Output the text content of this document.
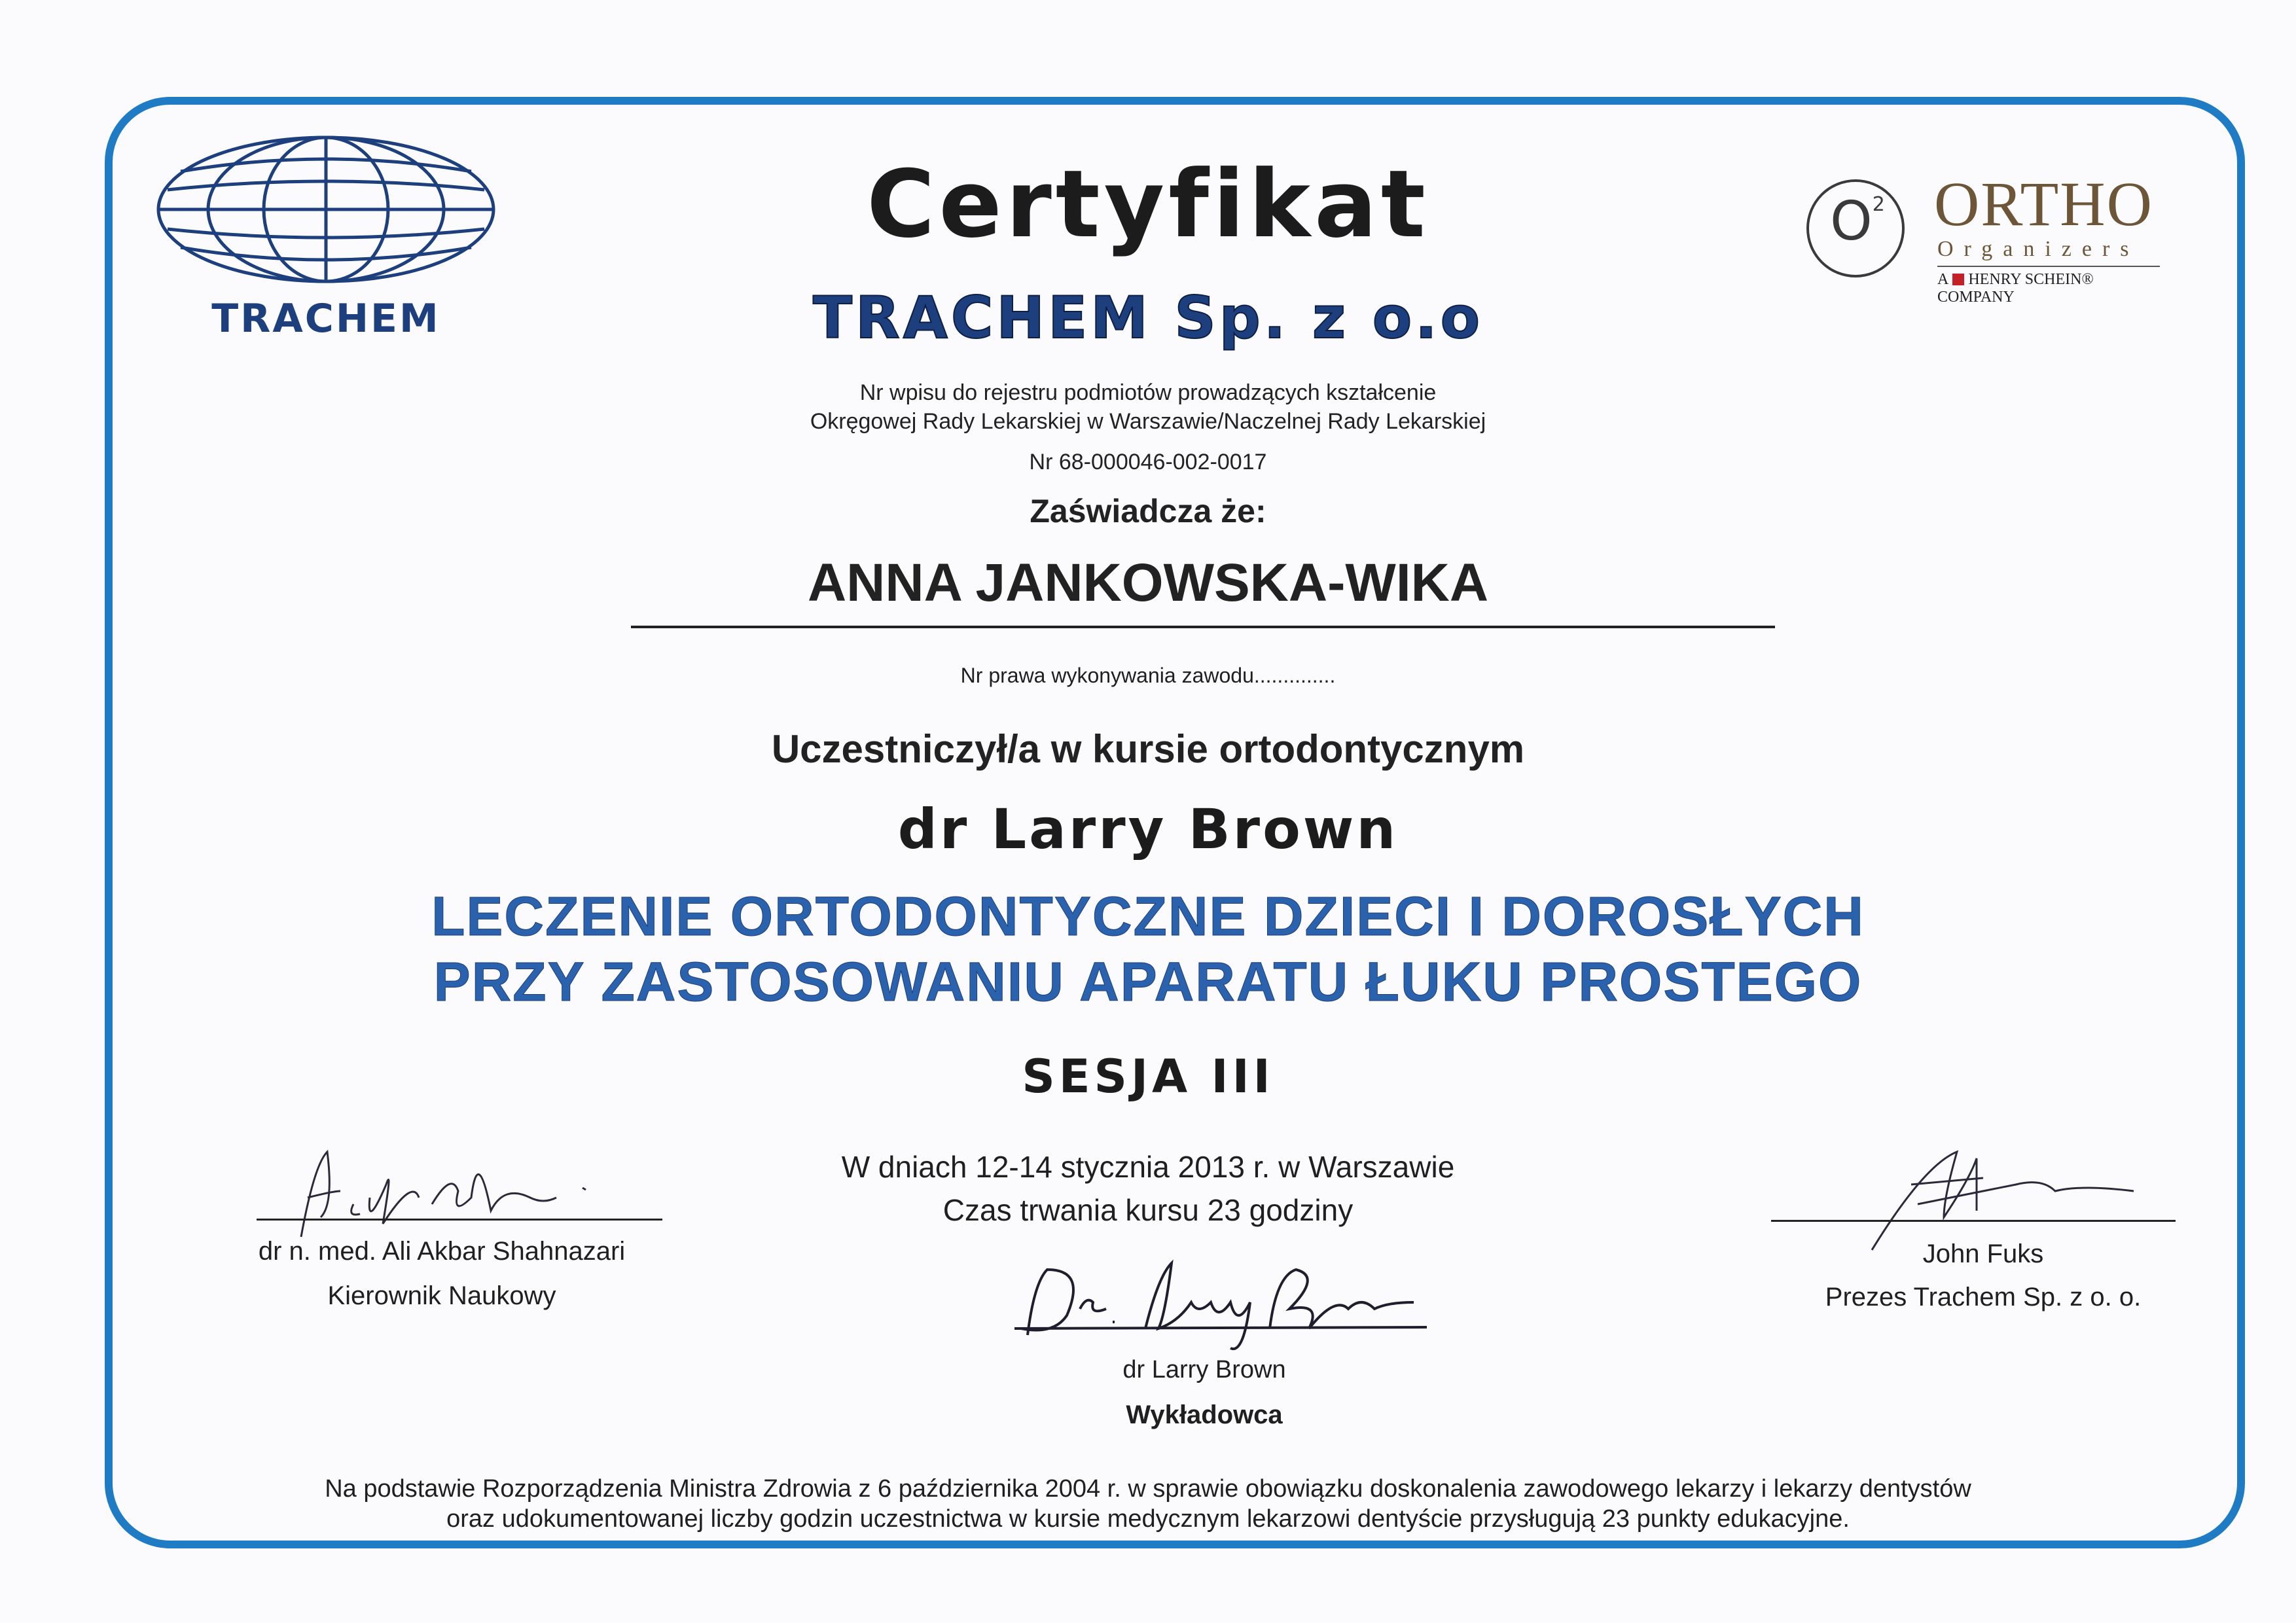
TRACHEM
$O^2$ ORTHO
Organizers
A HENRY SCHEIN® COMPANY
Certyfikat
TRACHEM Sp. z o.o
Nr wpisu do rejestru podmiotów prowadzących kształcenie
Okręgowej Rady Lekarskiej w Warszawie/Naczelnej Rady Lekarskiej
Nr 68-000046-002-0017
Zaświadcza że:
ANNA JANKOWSKA-WIKA
Nr prawa wykonywania zawodu..............
Uczestniczył/a w kursie ortodontycznym
dr Larry Brown
LECZENIE ORTODONTYCZNE DZIECI I DOROSŁYCH
PRZY ZASTOSOWANIU APARATU ŁUKU PROSTEGO
SESJA III
W dniach 12-14 stycznia 2013 r. w Warszawie
Czas trwania kursu 23 godziny
dr n. med. Ali Akbar Shahnazari
Kierownik Naukowy
John Fuks
Prezes Trachem Sp. z o. o.
dr Larry Brown
Wykładowca
Na podstawie Rozporządzenia Ministra Zdrowia z 6 października 2004 r. w sprawie obowiązku doskonalenia zawodowego lekarzy i lekarzy dentystów
oraz udokumentowanej liczby godzin uczestnictwa w kursie medycznym lekarzowi dentyście przysługują 23 punkty edukacyjne.
